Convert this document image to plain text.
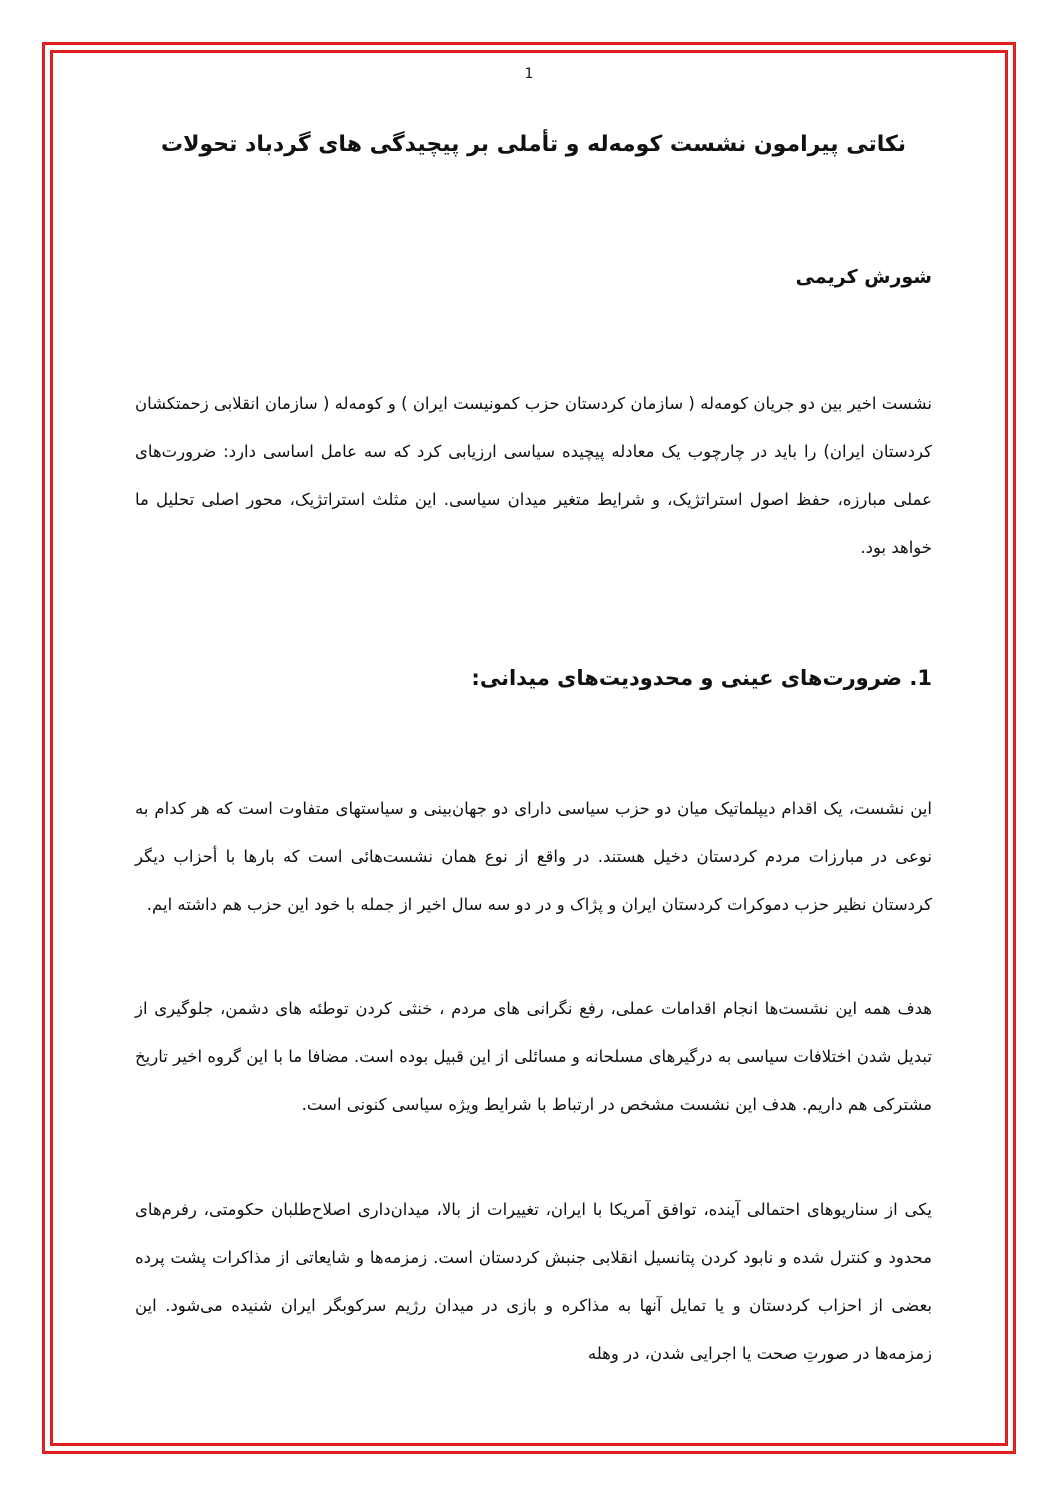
1
نکاتی پیرامون نشست کومه‌له و تأملی بر پیچیدگی های گردباد تحولات
شورش کریمی

نشست اخیر بین دو جریان کومه‌له ( سازمان کردستان حزب کمونیست ایران ) و کومه‌له ( سازمان انقلابی زحمتکشان کردستان ایران) را باید در چارچوب یک معادله پیچیده سیاسی ارزیابی کرد که سه عامل اساسی دارد: ضرورت‌های عملی مبارزه، حفظ اصول استراتژیک، و شرایط متغیر میدان سیاسی. این مثلث استراتژیک، محور اصلی تحلیل ما خواهد بود.

1. ضرورت‌های عینی و محدودیت‌های میدانی:

این نشست، یک اقدام دیپلماتیک میان دو حزب سیاسی دارای دو جهان‌بینی و سیاستهای متفاوت است که هر کدام به نوعی در مبارزات مردم کردستان دخیل هستند. در واقع از نوع همان نشست‌هائی است که بارها با أحزاب دیگر کردستان نظیر حزب دموکرات کردستان ایران و پژاک و در دو سه سال اخیر از جمله با خود این حزب هم داشته ایم.

هدف همه این نشست‌ها انجام اقدامات عملی، رفع نگرانی های مردم ، خنثی کردن توطئه های دشمن، جلوگیری از تبدیل شدن اختلافات سیاسی به درگیرهای مسلحانه و مسائلی از این قبیل بوده است. مضافا ما با این گروه اخیر تاریخ مشترکی هم داریم. هدف این نشست مشخص در ارتباط با شرایط ویژه سیاسی کنونی است.

یکی از سناریوهای احتمالی آینده، توافق آمریکا با ایران، تغییرات از بالا، میدان‌داری اصلاح‌طلبان حکومتی، رفرم‌های محدود و کنترل شده و نابود کردن پتانسیل انقلابی جنبش کردستان است. زمزمه‌ها و شایعاتی از مذاکرات پشت پرده بعضی از احزاب کردستان و یا تمایل آنها به مذاکره و بازی در میدان رژیم سرکوبگر ایران شنیده می‌شود. این زمزمه‌ها در صورتِ صحت یا اجرایی شدن، در وهله
